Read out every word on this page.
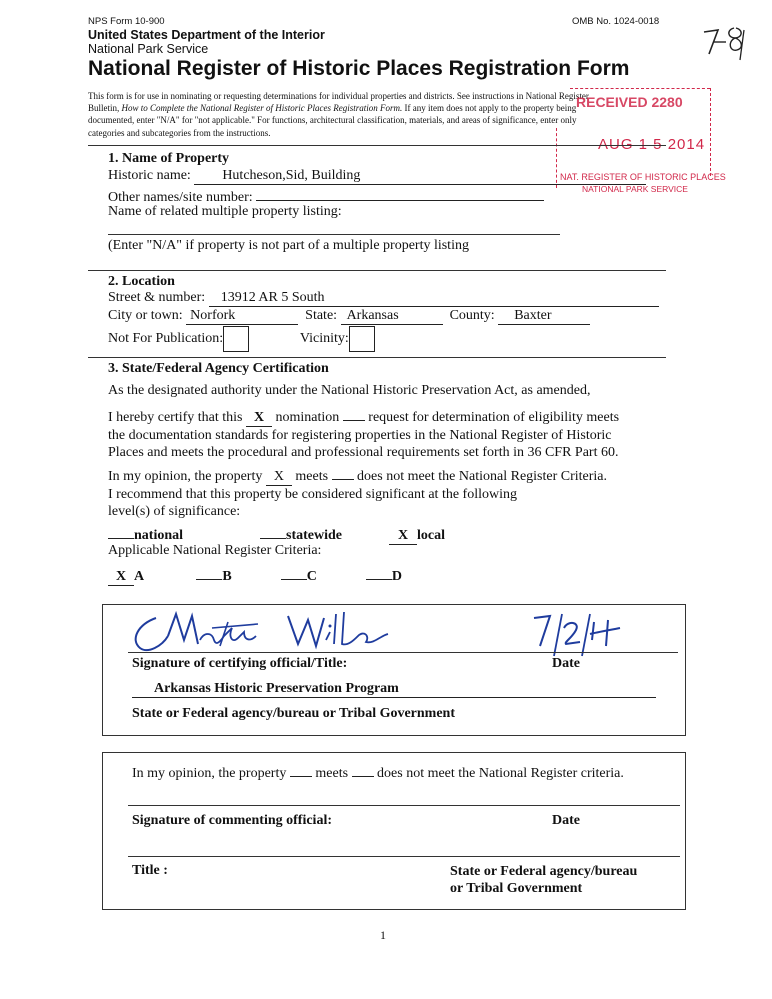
NPS Form 10-900	OMB No. 1024-0018
United States Department of the Interior
National Park Service
National Register of Historic Places Registration Form
This form is for use in nominating or requesting determinations for individual properties and districts. See instructions in National Register
Bulletin, How to Complete the National Register of Historic Places Registration Form. If any item does not apply to the property being
documented, enter "N/A" for "not applicable." For functions, architectural classification, materials, and areas of significance, enter only
categories and subcategories from the instructions.
RECEIVED 2280
AUG 1 5 2014
NAT. REGISTER OF HISTORIC PLACES
NATIONAL PARK SERVICE
1. Name of Property
Historic name: Hutcheson,Sid, Building
Other names/site number:
Name of related multiple property listing:
(Enter "N/A" if property is not part of a multiple property listing
2. Location
Street & number: 13912 AR 5 South
City or town: Norfork	State: Arkansas	County: Baxter
Not For Publication:	Vicinity:
3. State/Federal Agency Certification
As the designated authority under the National Historic Preservation Act, as amended,
I hereby certify that this X nomination  request for determination of eligibility meets
the documentation standards for registering properties in the National Register of Historic
Places and meets the procedural and professional requirements set forth in 36 CFR Part 60.
In my opinion, the property X meets  does not meet the National Register Criteria.
I recommend that this property be considered significant at the following
level(s) of significance:
national	statewide	X local
Applicable National Register Criteria:
X A	B	C	D
Signature of certifying official/Title:	Date
Arkansas Historic Preservation Program
State or Federal agency/bureau or Tribal Government
In my opinion, the property  meets  does not meet the National Register criteria.
Signature of commenting official:	Date
Title :	State or Federal agency/bureau
or Tribal Government
1
